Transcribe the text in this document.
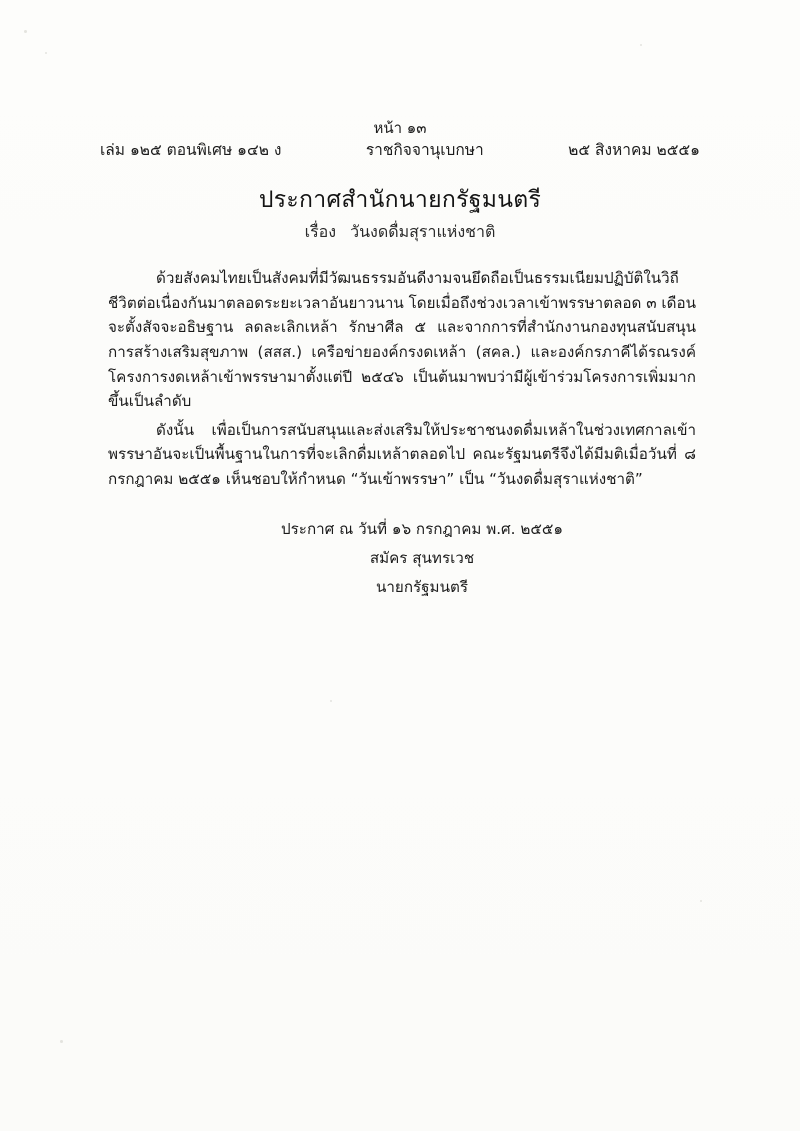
หน้า ๑๓
เล่ม ๑๒๕ ตอนพิเศษ ๑๔๒ ง	ราชกิจจานุเบกษา	๒๕ สิงหาคม ๒๕๕๑
ประกาศสำนักนายกรัฐมนตรี
เรื่อง วันงดดื่มสุราแห่งชาติ

ด้วยสังคมไทยเป็นสังคมที่มีวัฒนธรรมอันดีงามจนยึดถือเป็นธรรมเนียมปฏิบัติในวิถีชีวิตต่อเนื่องกันมาตลอดระยะเวลาอันยาวนาน โดยเมื่อถึงช่วงเวลาเข้าพรรษาตลอด ๓ เดือน จะตั้งสัจจะอธิษฐาน ลดละเลิกเหล้า รักษาศีล ๕ และจากการที่สำนักงานกองทุนสนับสนุนการสร้างเสริมสุขภาพ (สสส.) เครือข่ายองค์กรงดเหล้า (สคล.) และองค์กรภาคีได้รณรงค์โครงการงดเหล้าเข้าพรรษามาตั้งแต่ปี ๒๕๔๖ เป็นต้นมาพบว่ามีผู้เข้าร่วมโครงการเพิ่มมากขึ้นเป็นลำดับ

ดังนั้น เพื่อเป็นการสนับสนุนและส่งเสริมให้ประชาชนงดดื่มเหล้าในช่วงเทศกาลเข้าพรรษาอันจะเป็นพื้นฐานในการที่จะเลิกดื่มเหล้าตลอดไป คณะรัฐมนตรีจึงได้มีมติเมื่อวันที่ ๘ กรกฎาคม ๒๕๕๑ เห็นชอบให้กำหนด “วันเข้าพรรษา” เป็น “วันงดดื่มสุราแห่งชาติ”

ประกาศ ณ วันที่ ๑๖ กรกฎาคม พ.ศ. ๒๕๕๑
สมัคร สุนทรเวช
นายกรัฐมนตรี
